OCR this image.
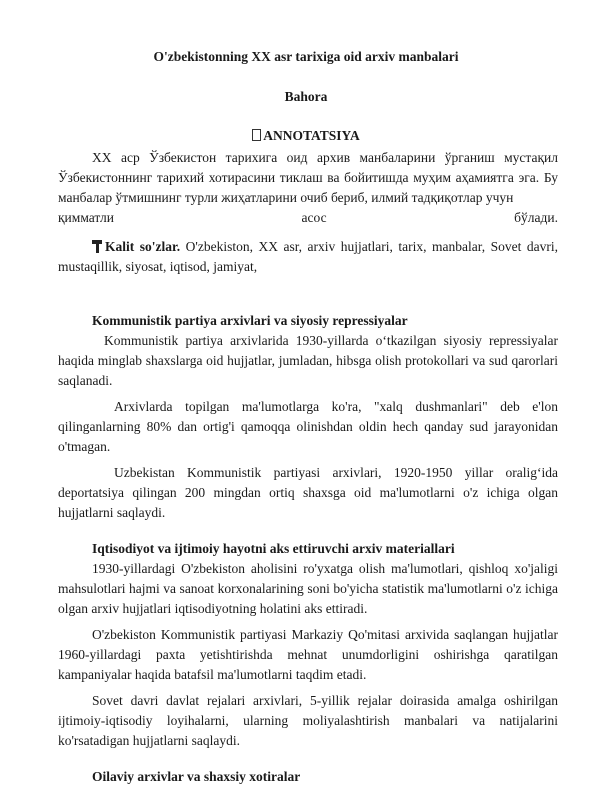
O'zbekistonning XX asr tarixiga oid arxiv manbalari
Bahora
ANNOTATSIYA
XX аср Ўзбекистон тарихига оид архив манбаларини ўрганиш мустақил Ўзбекистоннинг тарихий хотирасини тиклаш ва бойитишда муҳим аҳамиятга эга. Бу манбалар ўтмишнинг турли жиҳатларини очиб бериб, илмий тадқиқотлар учун
қимматли асос бўлади.
Kalit so'zlar. O'zbekiston, XX asr, arxiv hujjatlari, tarix, manbalar, Sovet davri, mustaqillik, siyosat, iqtisod, jamiyat,
Kommunistik partiya arxivlari va siyosiy repressiyalar
Kommunistik partiya arxivlarida 1930-yillarda o‘tkazilgan siyosiy repressiyalar haqida minglab shaxslarga oid hujjatlar, jumladan, hibsga olish protokollari va sud qarorlari saqlanadi.
Arxivlarda topilgan ma'lumotlarga ko'ra, "xalq dushmanlari" deb e'lon qilinganlarning 80% dan ortig'i qamoqqa olinishdan oldin hech qanday sud jarayonidan o'tmagan.
Uzbekistan Kommunistik partiyasi arxivlari, 1920-1950 yillar oralig‘ida deportatsiya qilingan 200 mingdan ortiq shaxsga oid ma'lumotlarni o'z ichiga olgan hujjatlarni saqlaydi.
Iqtisodiyot va ijtimoiy hayotni aks ettiruvchi arxiv materiallari
1930-yillardagi O'zbekiston aholisini ro'yxatga olish ma'lumotlari, qishloq xo'jaligi mahsulotlari hajmi va sanoat korxonalarining soni bo'yicha statistik ma'lumotlarni o'z ichiga olgan arxiv hujjatlari iqtisodiyotning holatini aks ettiradi.
O'zbekiston Kommunistik partiyasi Markaziy Qo'mitasi arxivida saqlangan hujjatlar 1960-yillardagi paxta yetishtirishda mehnat unumdorligini oshirishga qaratilgan kampaniyalar haqida batafsil ma'lumotlarni taqdim etadi.
Sovet davri davlat rejalari arxivlari, 5-yillik rejalar doirasida amalga oshirilgan ijtimoiy-iqtisodiy loyihalarni, ularning moliyalashtirish manbalari va natijalarini ko'rsatadigan hujjatlarni saqlaydi.
Oilaviy arxivlar va shaxsiy xotiralar
